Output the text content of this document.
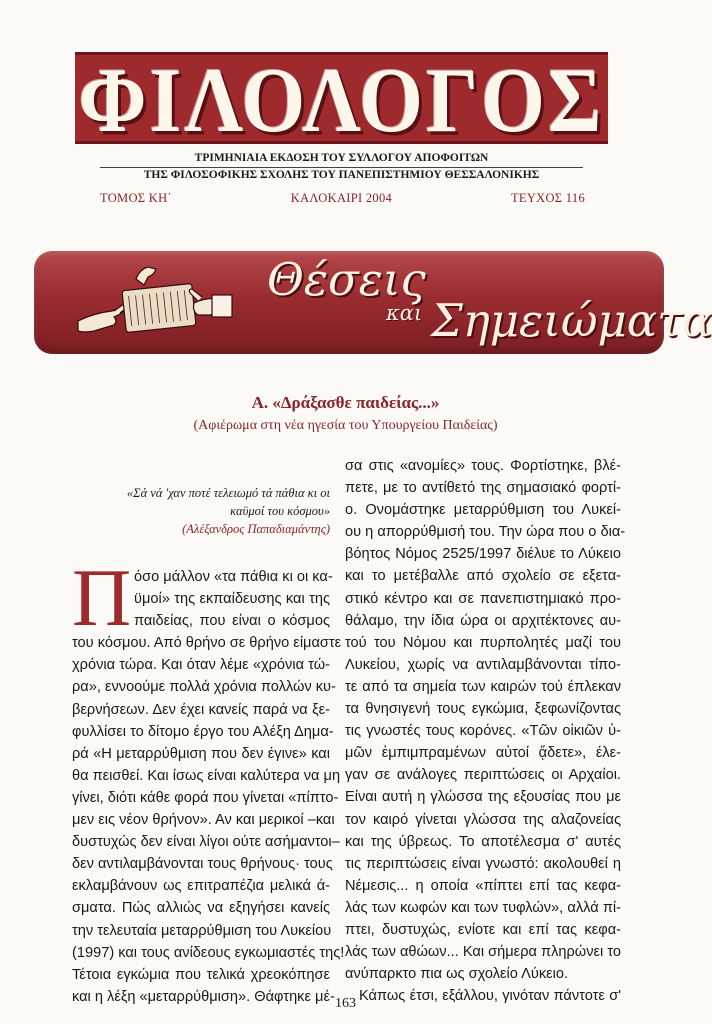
ΦΙΛΟΛΟΓΟΣ
ΤΡΙΜΗΝΙΑΙΑ ΕΚΔΟΣΗ ΤΟΥ ΣΥΛΛΟΓΟΥ ΑΠΟΦΟΙΤΩΝ
ΤΗΣ ΦΙΛΟΣΟΦΙΚΗΣ ΣΧΟΛΗΣ ΤΟΥ ΠΑΝΕΠΙΣΤΗΜΙΟΥ ΘΕΣΣΑΛΟΝΙΚΗΣ
ΤΟΜΟΣ ΚΗ΄	ΚΑΛΟΚΑΙΡΙ 2004	ΤΕΥΧΟΣ 116
Θέσεις
και Σημειώματα
Α. «Δράξασθε παιδείας...»
(Αφιέρωμα στη νέα ηγεσία του Υπουργείου Παιδείας)
«Σά νά 'χαν ποτέ τελειωμό τά πάθια κι οι
καϋμοί του κόσμου»
(Αλέξανδρος Παπαδιαμάντης)
Π όσο μάλλον «τα πάθια κι οι κα-
ϋμοί» της εκπαίδευσης και της
παιδείας, που είναι ο κόσμος
του κόσμου. Από θρήνο σε θρήνο είμαστε
χρόνια τώρα. Και όταν λέμε «χρόνια τώ-
ρα», εννοούμε πολλά χρόνια πολλών κυ-
βερνήσεων. Δεν έχει κανείς παρά να ξε-
φυλλίσει το δίτομο έργο του Αλέξη Δημα-
ρά «Η μεταρρύθμιση που δεν έγινε» και
θα πεισθεί. Και ίσως είναι καλύτερα να μη
γίνει, διότι κάθε φορά που γίνεται «πίπτο-
μεν εις νέον θρήνον». Αν και μερικοί –και
δυστυχώς δεν είναι λίγοι ούτε ασήμαντοι–
δεν αντιλαμβάνονται τους θρήνους· τους
εκλαμβάνουν ως επιτραπέζια μελικά ά-
σματα. Πώς αλλιώς να εξηγήσει κανείς
την τελευταία μεταρρύθμιση του Λυκείου
(1997) και τους ανίδεους εγκωμιαστές της!
Τέτοια εγκώμια που τελικά χρεοκόπησε
και η λέξη «μεταρρύθμιση». Θάφτηκε μέ-
σα στις «ανομίες» τους. Φορτίστηκε, βλέ-
πετε, με το αντίθετό της σημασιακό φορτί-
ο. Ονομάστηκε μεταρρύθμιση του Λυκεί-
ου η απορρύθμισή του. Την ώρα που ο δια-
βόητος Νόμος 2525/1997 διέλυε το Λύκειο
και το μετέβαλλε από σχολείο σε εξετα-
στικό κέντρο και σε πανεπιστημιακό προ-
θάλαμο, την ίδια ώρα οι αρχιτέκτονες αυ-
τού του Νόμου και πυρπολητές μαζί του
Λυκείου, χωρίς να αντιλαμβάνονται τίπο-
τε από τα σημεία των καιρών τού έπλεκαν
τα θνησιγενή τους εγκώμια, ξεφωνίζοντας
τις γνωστές τους κορόνες. «Τῶν οἰκιῶν ὑ-
μῶν ἐμπιμπραμένων αὐτοί ᾄδετε», έλε-
γαν σε ανάλογες περιπτώσεις οι Αρχαίοι.
Είναι αυτή η γλώσσα της εξουσίας που με
τον καιρό γίνεται γλώσσα της αλαζονείας
και της ύβρεως. Το αποτέλεσμα σ' αυτές
τις περιπτώσεις είναι γνωστό: ακολουθεί η
Νέμεσις... η οποία «πίπτει επί τας κεφα-
λάς των κωφών και των τυφλών», αλλά πί-
πτει, δυστυχώς, ενίοτε και επί τας κεφα-
λάς των αθώων... Και σήμερα πληρώνει το
ανύπαρκτο πια ως σχολείο Λύκειο.
Κάπως έτσι, εξάλλου, γινόταν πάντοτε σ'
163
